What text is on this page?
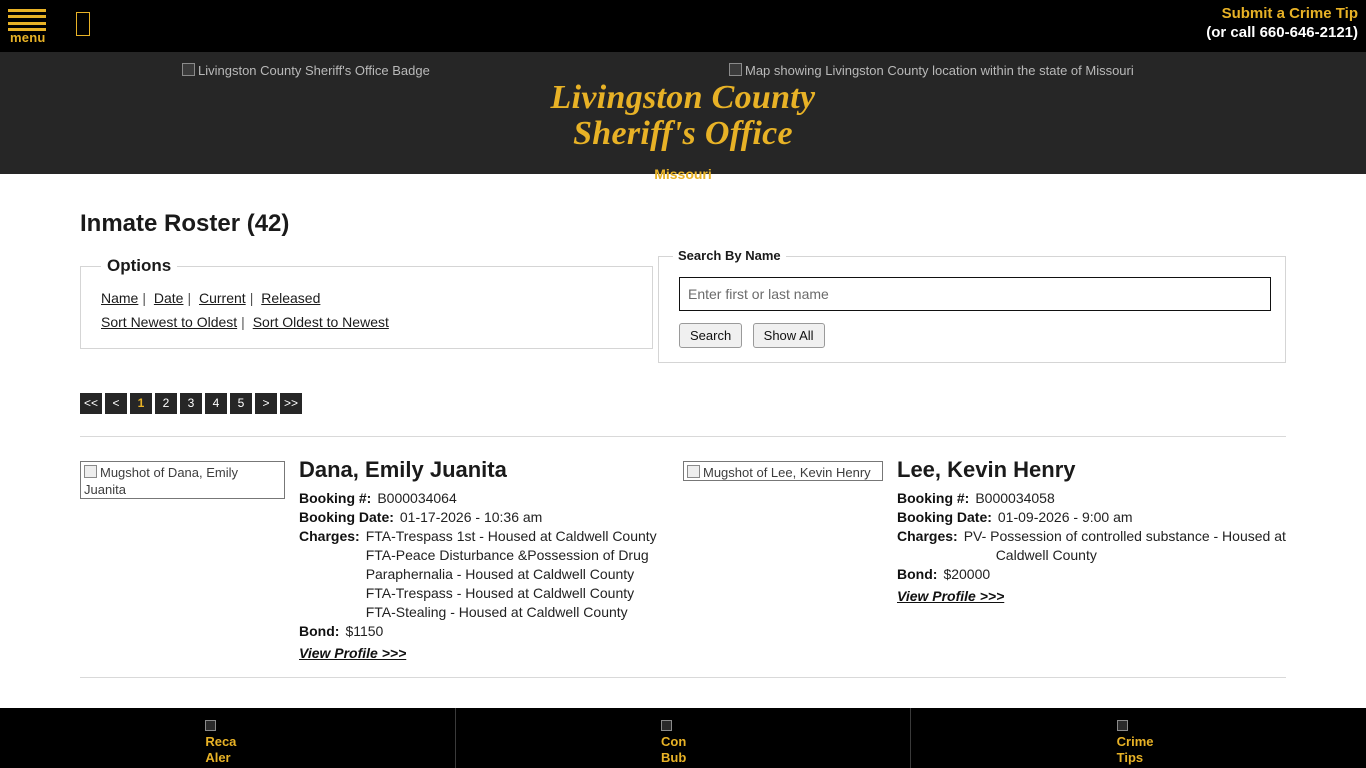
menu
Submit a Crime Tip
(or call 660-646-2121)
Livingston County Sheriff's Office Badge	Map showing Livingston County location within the state of Missouri
Livingston County
Sheriff's Office
Missouri
Inmate Roster (42)
Options
Name | Date | Current | Released
Sort Newest to Oldest | Sort Oldest to Newest
Search By Name
Enter first or last name
Search Show All
<<	<	1	2	3	4	5	>	>>
Mugshot of Dana, Emily Juanita
Dana, Emily Juanita
Booking #: B000034064
Booking Date: 01-17-2026 - 10:36 am
Charges: FTA-Trespass 1st - Housed at Caldwell County
FTA-Peace Disturbance &Possession of Drug
Paraphernalia - Housed at Caldwell County
FTA-Trespass - Housed at Caldwell County
FTA-Stealing - Housed at Caldwell County
Bond: $1150
View Profile >>>
Mugshot of Lee, Kevin Henry	Lee, Kevin Henry
Booking #: B000034058
Booking Date: 01-09-2026 - 9:00 am
Charges: PV- Possession of controlled substance - Housed at
Caldwell County
Bond: $20000
View Profile >>>
Reca
Aler
Con
Bub
Crime
Tips
